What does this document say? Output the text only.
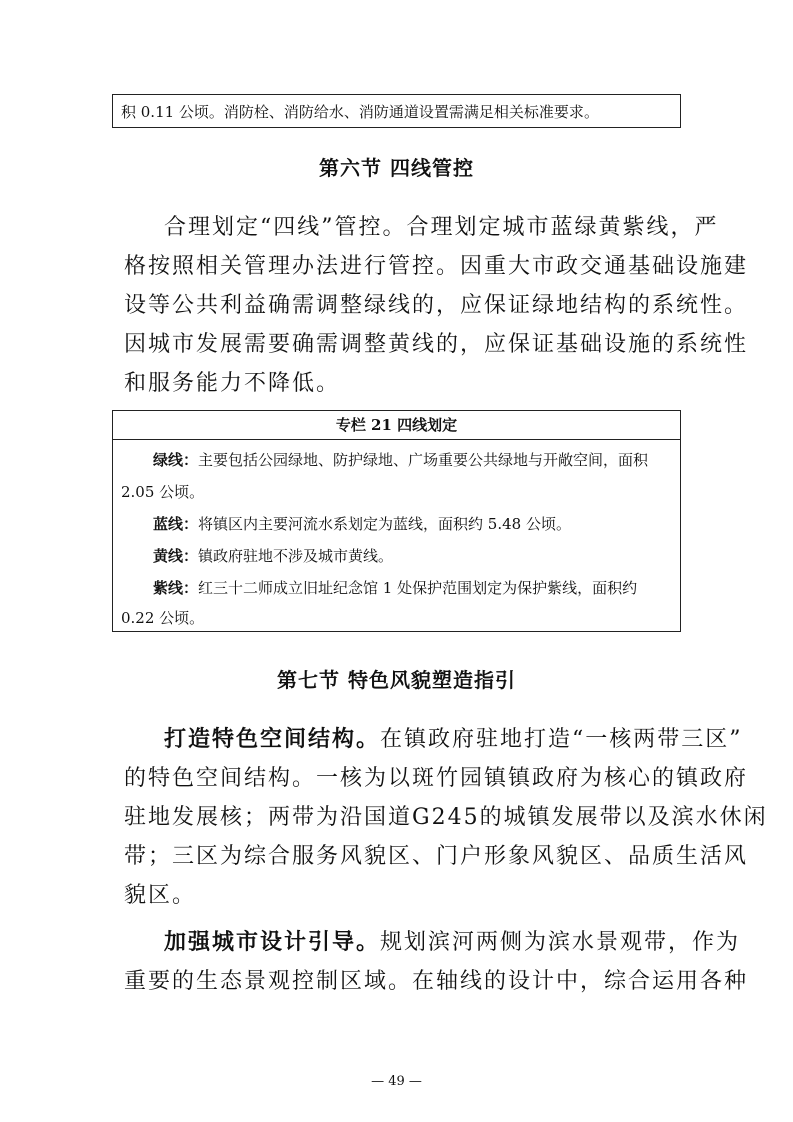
积 0.11 公顷。消防栓、消防给水、消防通道设置需满足相关标准要求。
第六节 四线管控
合理划定“四线”管控。合理划定城市蓝绿黄紫线，严
格按照相关管理办法进行管控。因重大市政交通基础设施建
设等公共利益确需调整绿线的，应保证绿地结构的系统性。
因城市发展需要确需调整黄线的，应保证基础设施的系统性
和服务能力不降低。
专栏 21 四线划定
绿线：主要包括公园绿地、防护绿地、广场重要公共绿地与开敞空间，面积
2.05 公顷。
蓝线：将镇区内主要河流水系划定为蓝线，面积约 5.48 公顷。
黄线：镇政府驻地不涉及城市黄线。
紫线：红三十二师成立旧址纪念馆 1 处保护范围划定为保护紫线，面积约
0.22 公顷。
第七节 特色风貌塑造指引
打造特色空间结构。在镇政府驻地打造“一核两带三区”
的特色空间结构。一核为以斑竹园镇镇政府为核心的镇政府
驻地发展核；两带为沿国道G245的城镇发展带以及滨水休闲
带；三区为综合服务风貌区、门户形象风貌区、品质生活风
貌区。
加强城市设计引导。规划滨河两侧为滨水景观带，作为
重要的生态景观控制区域。在轴线的设计中，综合运用各种
— 49 —
